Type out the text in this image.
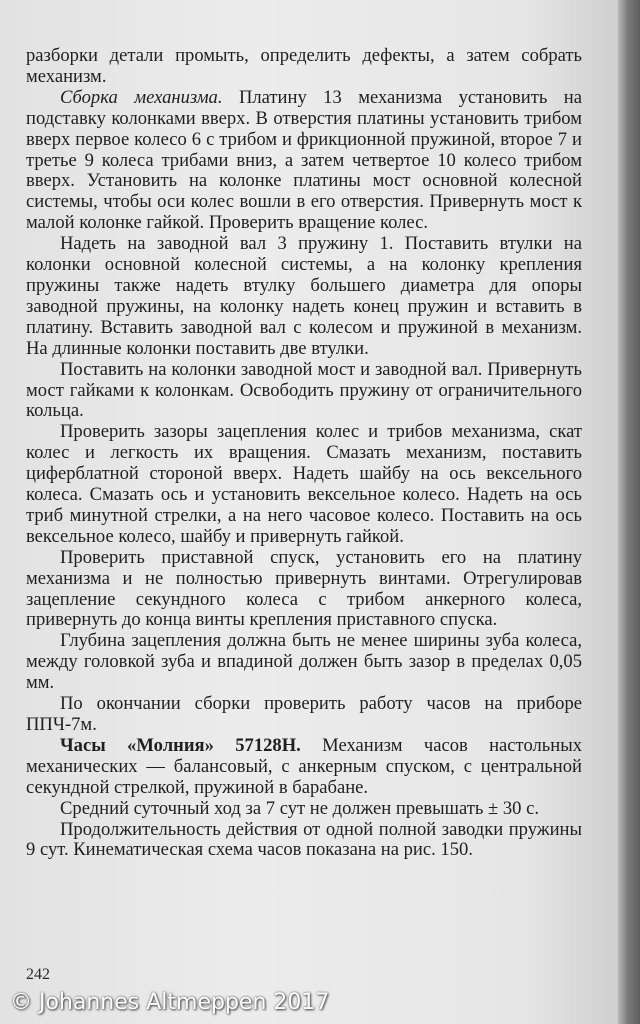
разборки детали промыть, определить дефекты, а затем собрать механизм.

Сборка механизма. Платину 13 механизма установить на подставку колонками вверх. В отверстия платины установить трибом вверх первое колесо 6 с трибом и фрикционной пружиной, второе 7 и третье 9 колеса трибами вниз, а затем четвертое 10 колесо трибом вверх. Установить на колонке платины мост основной колесной системы, чтобы оси колес вошли в его отверстия. Привернуть мост к малой колонке гайкой. Проверить вращение колес.

Надеть на заводной вал 3 пружину 1. Поставить втулки на колонки основной колесной системы, а на колонку крепления пружины также надеть втулку большего диаметра для опоры заводной пружины, на колонку надеть конец пружин и вставить в платину. Вставить заводной вал с колесом и пружиной в механизм. На длинные колонки поставить две втулки.

Поставить на колонки заводной мост и заводной вал. Привернуть мост гайками к колонкам. Освободить пружину от ограничительного кольца.

Проверить зазоры зацепления колес и трибов механизма, скат колес и легкость их вращения. Смазать механизм, поставить циферблатной стороной вверх. Надеть шайбу на ось вексельного колеса. Смазать ось и установить вексельное колесо. Надеть на ось триб минутной стрелки, а на него часовое колесо. Поставить на ось вексельное колесо, шайбу и привернуть гайкой.

Проверить приставной спуск, установить его на платину механизма и не полностью привернуть винтами. Отрегулировав зацепление секундного колеса с трибом анкерного колеса, привернуть до конца винты крепления приставного спуска.

Глубина зацепления должна быть не менее ширины зуба колеса, между головкой зуба и впадиной должен быть зазор в пределах 0,05 мм.

По окончании сборки проверить работу часов на приборе ППЧ-7м.

Часы «Молния» 57128Н. Механизм часов настольных механических — балансовый, с анкерным спуском, с центральной секундной стрелкой, пружиной в барабане.

Средний суточный ход за 7 сут не должен превышать ± 30 с.

Продолжительность действия от одной полной заводки пружины 9 сут. Кинематическая схема часов показана на рис. 150.

242
© Johannes Altmeppen 2017
